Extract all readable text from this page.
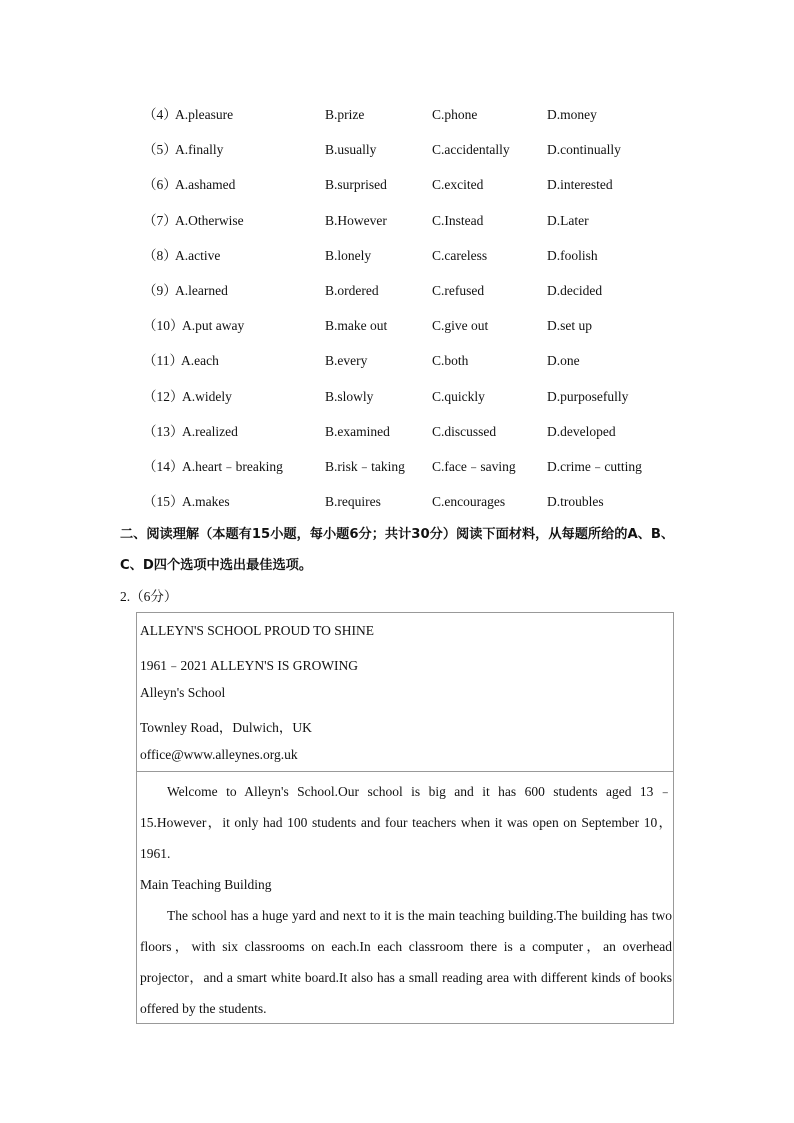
（4）
A.pleasure	B.prize	C.phone	D.money
（5）
A.finally	B.usually	C.accidentally	D.continually
（6）
A.ashamed	B.surprised	C.excited	D.interested
（7）
A.Otherwise	B.However	C.Instead	D.Later
（8）
A.active	B.lonely	C.careless	D.foolish
（9）
A.learned	B.ordered	C.refused	D.decided
（10）
A.put away	B.make out	C.give out	D.set up
（11）
A.each	B.every	C.both	D.one
（12）
A.widely	B.slowly	C.quickly	D.purposefully
（13）
A.realized	B.examined	C.discussed	D.developed
（14）
A.heart﹣breaking	B.risk﹣taking C.face﹣saving D.crime﹣cutting
（15）
A.makes	B.requires	C.encourages	D.troubles
二、阅读理解（本题有15小题，每小题6分；共计30分）阅读下面材料，从每题所给的A、B、C、D四个选项中选出最佳选项。
2.（6分）
ALLEYN'S SCHOOL PROUD TO SHINE
1961﹣2021 ALLEYN'S IS GROWING
Alleyn's School
Townley Road，Dulwich，UK
office@www.alleynes.org.uk

Welcome to Alleyn's School.Our school is big and it has 600 students aged 13﹣15.However，it only had 100 students and four teachers when it was open on September 10，1961.

Main Teaching Building

The school has a huge yard and next to it is the main teaching building.The building has two floors，with six classrooms on each.In each classroom there is a computer，an overhead projector，and a smart white board.It also has a small reading area with different kinds of books offered by the students.
